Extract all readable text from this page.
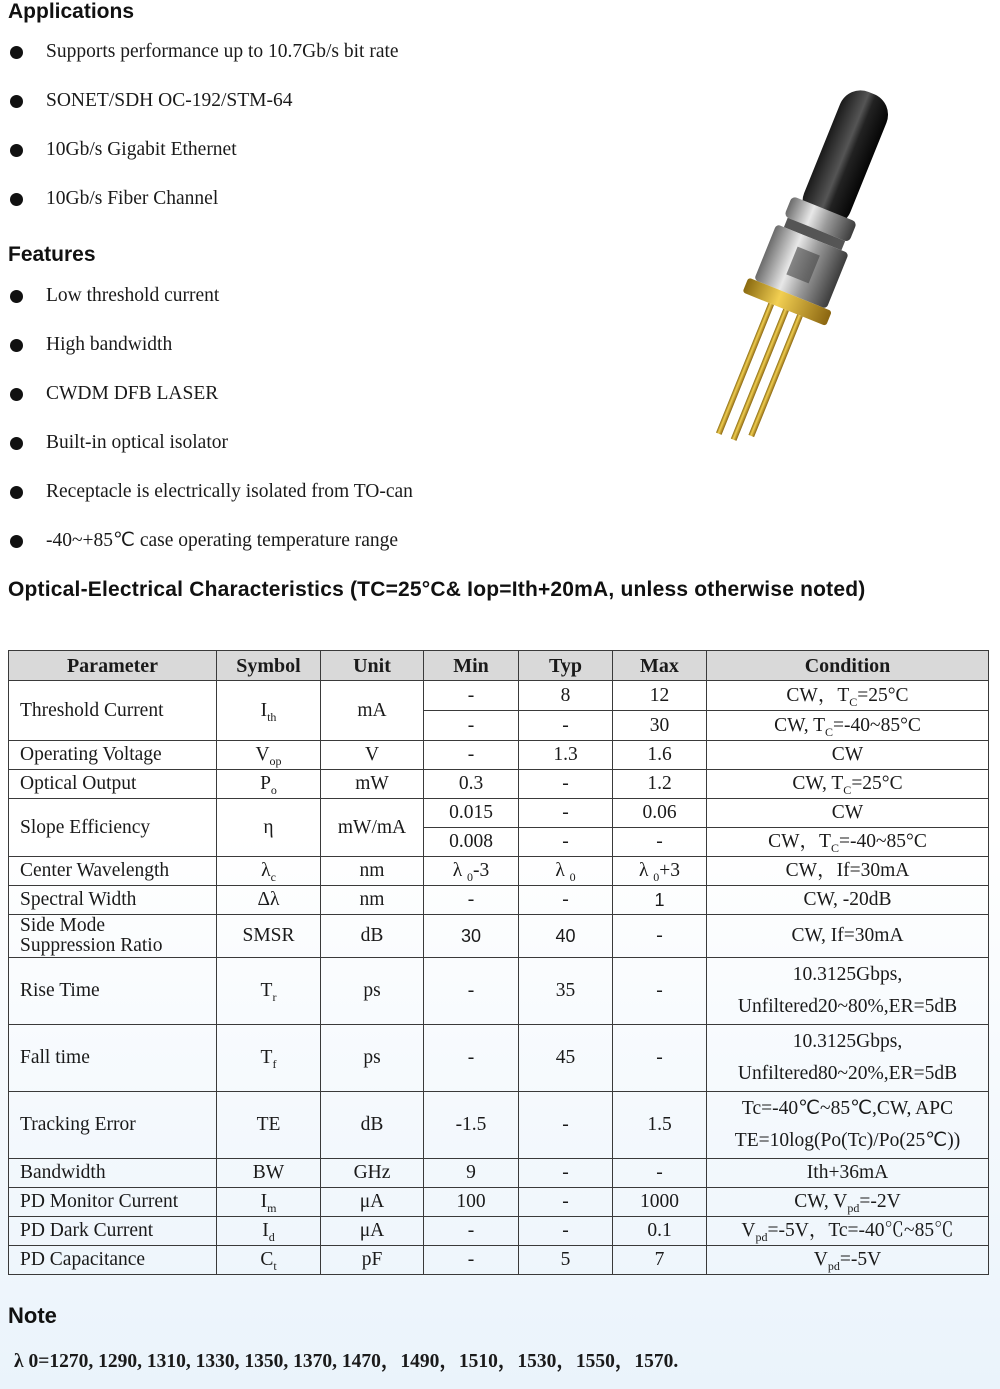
Applications
Supports performance up to 10.7Gb/s bit rate
SONET/SDH OC-192/STM-64
10Gb/s Gigabit Ethernet
10Gb/s Fiber Channel
Features
Low threshold current
High bandwidth
CWDM DFB LASER
Built-in optical isolator
Receptacle is electrically isolated from TO-can
-40~+85℃ case operating temperature range
Optical-Electrical Characteristics (TC=25°C& Iop=Ith+20mA, unless otherwise noted)
Parameter	Symbol	Unit	Min	Typ	Max	Condition
Threshold Current	$I_{th}$	mA	-	8	12	CW，$T_C=25^\circ C$
			-	-	30	CW, $T_C=-40\sim 85^\circ C$
Operating Voltage	$V_{op}$	V	-	1.3	1.6	CW
Optical Output	$P_o$	mW	0.3	-	1.2	CW, $T_C=25^\circ C$
Slope Efficiency	η	mW/mA	0.015	-	0.06	CW
			0.008	-	-	CW，$T_C=-40\sim 85^\circ C$
Center Wavelength	$\lambda_c$	nm	λ $_0$-3	λ $_0$	λ $_0$+3	CW，If=30mA
Spectral Width	Δλ	nm	-	-	1	CW, -20dB
Side Mode
Suppression Ratio	SMSR	dB	30	40	-	CW, If=30mA
Rise Time	$T_r$	ps	-	35	-	10.3125Gbps,
Unfiltered20~80%,ER=5dB
Fall time	$T_f$	ps	-	45	-	10.3125Gbps,
Unfiltered80~20%,ER=5dB
Tracking Error	TE	dB	-1.5	-	1.5	Tc=-40℃~85℃,CW, APC
TE=10log(Po(Tc)/Po(25℃))
Bandwidth	BW	GHz	9	-	-	Ith+36mA
PD Monitor Current	$I_m$	μA	100	-	1000	CW, $V_{pd}=-2V$
PD Dark Current	$I_d$	μA	-	-	0.1	$V_{pd}=-5V$，Tc=-40℃~85℃
PD Capacitance	$C_t$	pF	-	5	7	$V_{pd}=-5V$
Note
λ 0=1270, 1290, 1310, 1330, 1350, 1370, 1470，1490，1510，1530，1550，1570.
